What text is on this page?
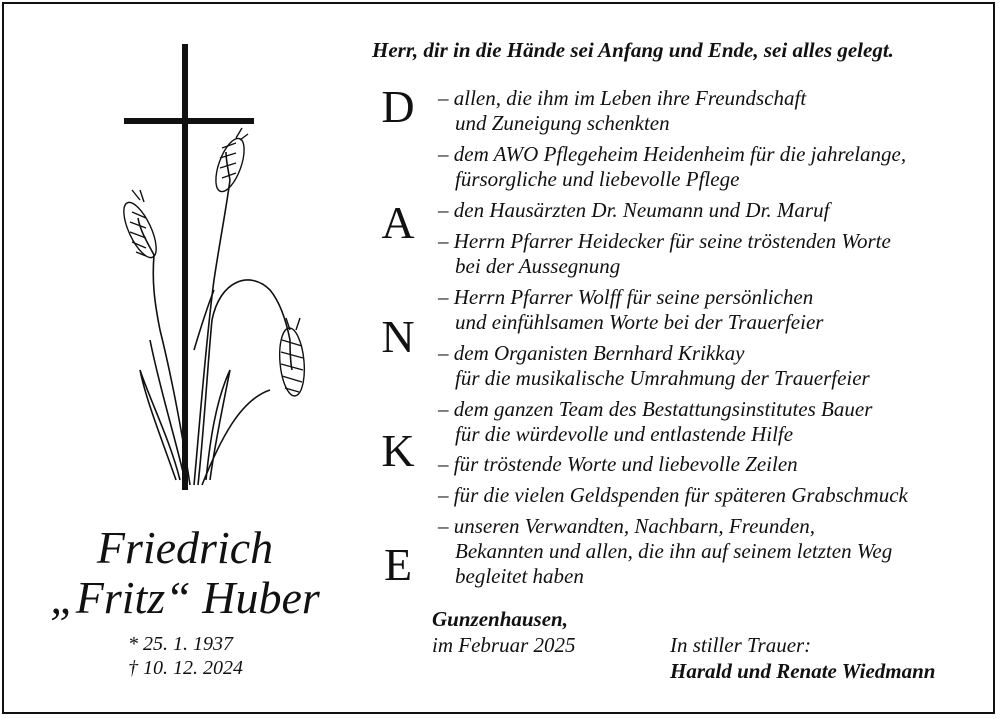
Friedrich
„Fritz“ Huber
* 25. 1. 1937
† 10. 12. 2024
Herr, dir in die Hände sei Anfang und Ende, sei alles gelegt.
D
A
N
K
E
– allen, die ihm im Leben ihre Freundschaft
und Zuneigung schenkten
– dem AWO Pflegeheim Heidenheim für die jahrelange,
fürsorgliche und liebevolle Pflege
– den Hausärzten Dr. Neumann und Dr. Maruf
– Herrn Pfarrer Heidecker für seine tröstenden Worte
bei der Aussegnung
– Herrn Pfarrer Wolff für seine persönlichen
und einfühlsamen Worte bei der Trauerfeier
– dem Organisten Bernhard Krikkay
für die musikalische Umrahmung der Trauerfeier
– dem ganzen Team des Bestattungsinstitutes Bauer
für die würdevolle und entlastende Hilfe
– für tröstende Worte und liebevolle Zeilen
– für die vielen Geldspenden für späteren Grabschmuck
– unseren Verwandten, Nachbarn, Freunden,
Bekannten und allen, die ihn auf seinem letzten Weg
begleitet haben
Gunzenhausen,
im Februar 2025	In stiller Trauer:
Harald und Renate Wiedmann
